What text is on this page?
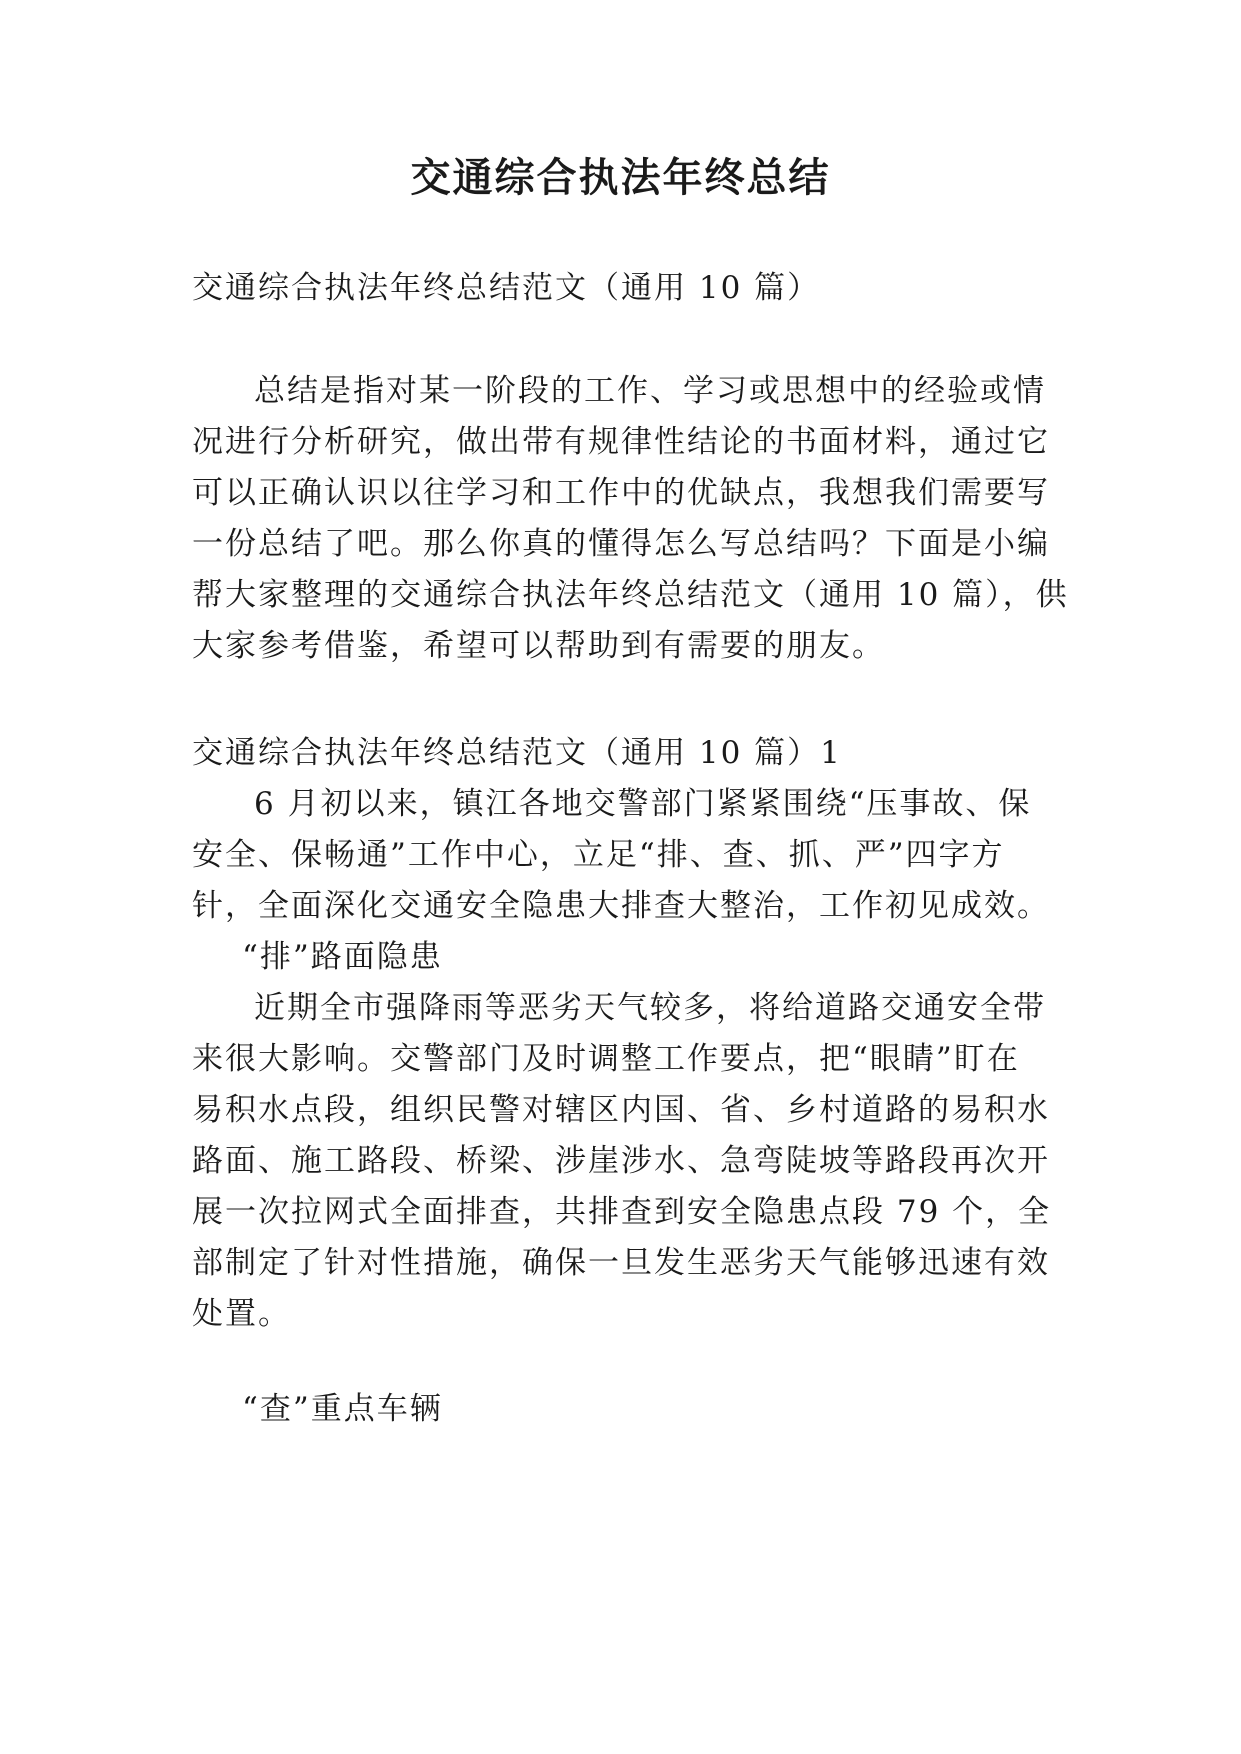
交通综合执法年终总结
交通综合执法年终总结范文（通用 10 篇）
总结是指对某一阶段的工作、学习或思想中的经验或情
况进行分析研究，做出带有规律性结论的书面材料，通过它
可以正确认识以往学习和工作中的优缺点，我想我们需要写
一份总结了吧。那么你真的懂得怎么写总结吗？下面是小编
帮大家整理的交通综合执法年终总结范文（通用 10 篇），供
大家参考借鉴，希望可以帮助到有需要的朋友。
交通综合执法年终总结范文（通用 10 篇）1
6 月初以来，镇江各地交警部门紧紧围绕“压事故、保
安全、保畅通”工作中心，立足“排、查、抓、严”四字方
针，全面深化交通安全隐患大排查大整治，工作初见成效。
“排”路面隐患
近期全市强降雨等恶劣天气较多，将给道路交通安全带
来很大影响。交警部门及时调整工作要点，把“眼睛”盯在
易积水点段，组织民警对辖区内国、省、乡村道路的易积水
路面、施工路段、桥梁、涉崖涉水、急弯陡坡等路段再次开
展一次拉网式全面排查，共排查到安全隐患点段 79 个，全
部制定了针对性措施，确保一旦发生恶劣天气能够迅速有效
处置。
“查”重点车辆
